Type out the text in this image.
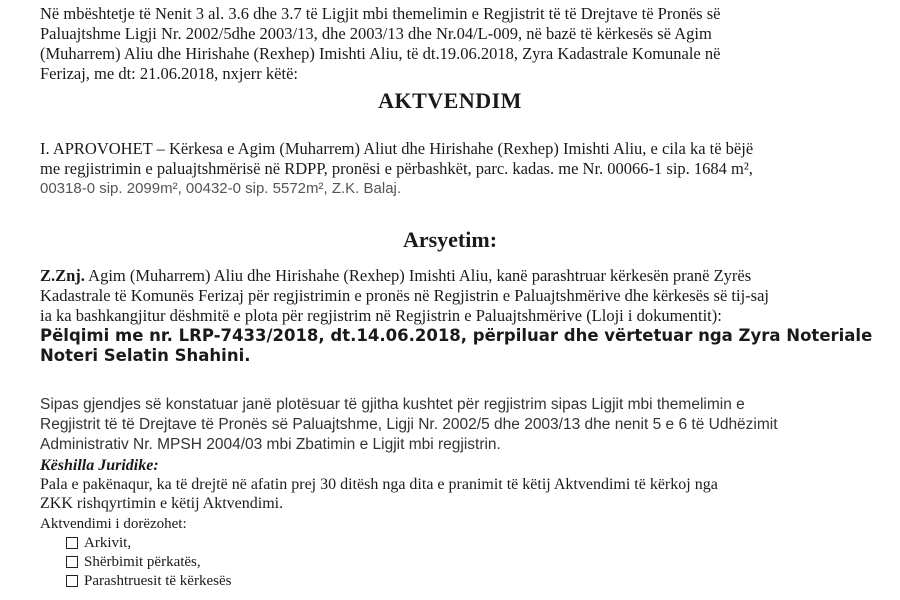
Në mbështetje të Nenit 3 al. 3.6 dhe 3.7 të Ligjit mbi themelimin e Regjistrit të të Drejtave të Pronës së
Paluajtshme Ligji Nr. 2002/5dhe 2003/13, dhe 2003/13 dhe Nr.04/L-009, në bazë të kërkesës së Agim
(Muharrem) Aliu dhe Hirishahe (Rexhep) Imishti Aliu, të dt.19.06.2018, Zyra Kadastrale Komunale në
Ferizaj, me dt: 21.06.2018, nxjerr këtë:
AKTVENDIM
I. APROVOHET – Kërkesa e Agim (Muharrem) Aliut dhe Hirishahe (Rexhep) Imishti Aliu, e cila ka të bëjë
me regjistrimin e paluajtshmërisë në RDPP, pronësi e përbashkët, parc. kadas. me Nr. 00066-1 sip. 1684 m²,
00318-0 sip. 2099m², 00432-0 sip. 5572m², Z.K. Balaj.
Arsyetim:
Z.Znj. Agim (Muharrem) Aliu dhe Hirishahe (Rexhep) Imishti Aliu, kanë parashtruar kërkesën pranë Zyrës
Kadastrale të Komunës Ferizaj për regjistrimin e pronës në Regjistrin e Paluajtshmërive dhe kërkesës së tij-saj
ia ka bashkangjitur dëshmitë e plota për regjistrim në Regjistrin e Paluajtshmërive (Lloji i dokumentit):
Pëlqimi me nr. LRP-7433/2018, dt.14.06.2018, përpiluar dhe vërtetuar nga Zyra Noteriale
Noteri Selatin Shahini.
Sipas gjendjes së konstatuar janë plotësuar të gjitha kushtet për regjistrim sipas Ligjit mbi themelimin e
Regjistrit të të Drejtave të Pronës së Paluajtshme, Ligji Nr. 2002/5 dhe 2003/13 dhe nenit 5 e 6 të Udhëzimit
Administrativ Nr. MPSH 2004/03 mbi Zbatimin e Ligjit mbi regjistrin.
Këshilla Juridike:
Pala e pakënaqur, ka të drejtë në afatin prej 30 ditësh nga dita e pranimit të këtij Aktvendimi të kërkoj nga
ZKK rishqyrtimin e këtij Aktvendimi.
Aktvendimi i dorëzohet:
Arkivit,
Shërbimit përkatës,
Parashtruesit të kërkesës
